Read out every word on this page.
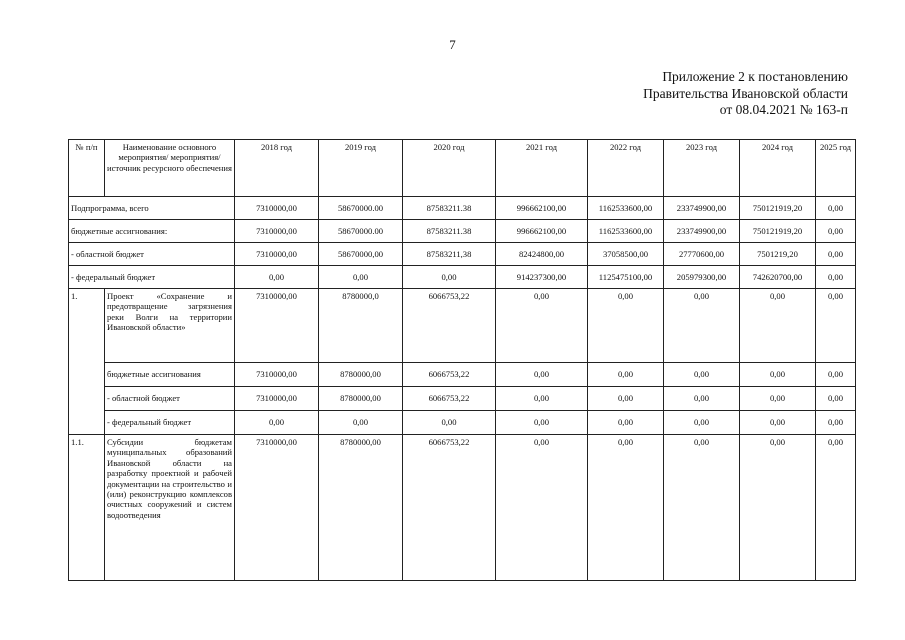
7
Приложение 2 к постановлению
Правительства Ивановской области
от 08.04.2021 № 163-п
№ п/п	Наименование основного мероприятия/ мероприятия/источник ресурсного обеспечения	2018 год	2019 год	2020 год	2021 год	2022 год	2023 год	2024 год	2025 год
Подпрограмма, всего		7310000,00	58670000.00	87583211.38	996662100,00	1162533600,00	233749900,00	750121919,20	0,00
бюджетные ассигнования:		7310000,00	58670000.00	87583211.38	996662100,00	1162533600,00	233749900,00	750121919,20	0,00
- областной бюджет		7310000,00	58670000,00	87583211,38	82424800,00	37058500,00	27770600,00	7501219,20	0,00
- федеральный бюджет		0,00	0,00	0,00	914237300,00	1125475100,00	205979300,00	742620700,00	0,00
1.	Проект «Сохранение и предотвращение загрязнения реки Волги на территории Ивановской области»	7310000,00	8780000,0	6066753,22	0,00	0,00	0,00	0,00	0,00
	бюджетные ассигнования	7310000,00	8780000,00	6066753,22	0,00	0,00	0,00	0,00	0,00
	- областной бюджет	7310000,00	8780000,00	6066753,22	0,00	0,00	0,00	0,00	0,00
	- федеральный бюджет	0,00	0,00	0,00	0,00	0,00	0,00	0,00	0,00
1.1.	Субсидии бюджетам муниципальных образований Ивановской области на разработку проектной и рабочей документации на строительство и (или) реконструкцию комплексов очистных сооружений и систем водоотведения	7310000,00	8780000,00	6066753,22	0,00	0,00	0,00	0,00	0,00
